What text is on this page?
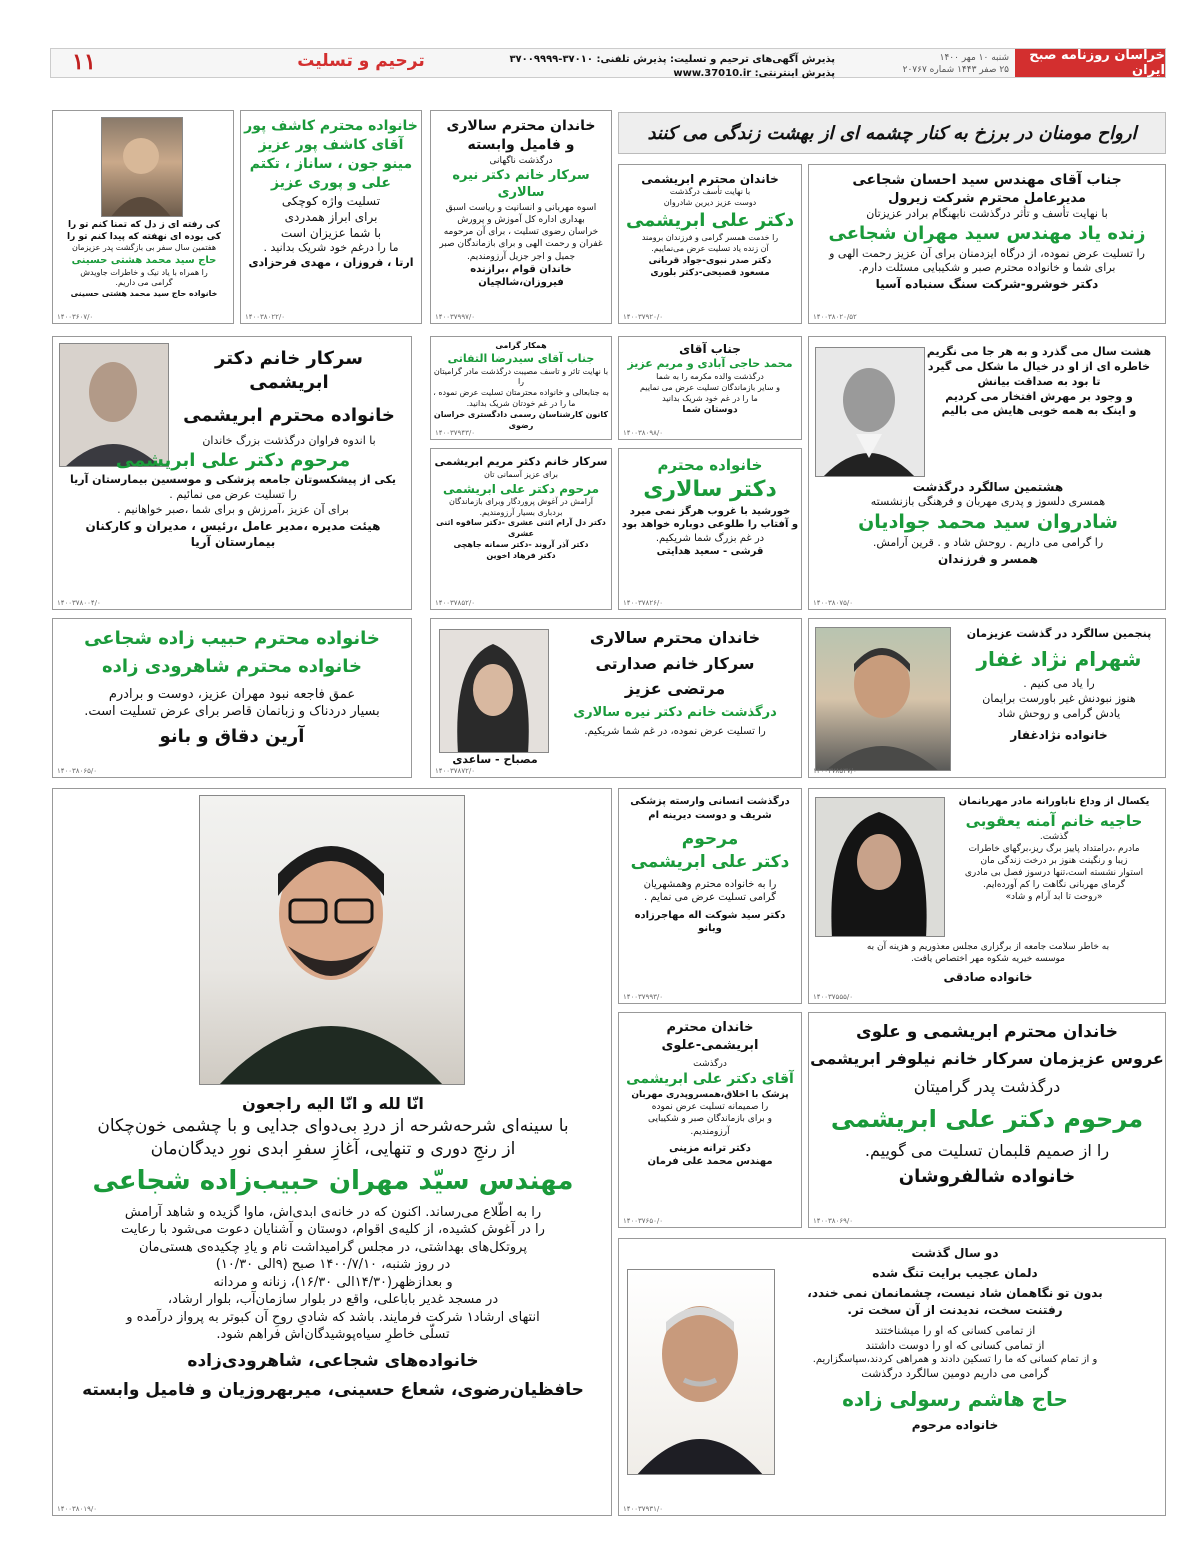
خراسان روزنامه صبح ایران
شنبه ۱۰ مهر ۱۴۰۰
۲۵ صفر ۱۴۴۳ شماره ۲۰۷۶۷
پذیرش آگهی‌های ترحیم و تسلیت: پذیرش تلفنی: ۳۷۰۱۰-۳۷۰۰۹۹۹۹
پذیرش اینترنتی: www.37010.ir
ترحیم و تسلیت
۱۱
ارواح مومنان در برزخ به کنار چشمه ای از بهشت زندگی می کنند
جناب آقای مهندس سید احسان شجاعی
مدیرعامل محترم شرکت زیرول
با نهایت تأسف و تأثر درگذشت نابهنگام برادر عزیزتان
زنده یاد مهندس سید مهران شجاعی
را تسلیت عرض نموده، از درگاه ایزدمنان برای آن عزیز رحمت الهی و
برای شما و خانواده محترم صبر و شکیبایی مسئلت دارم.
دکتر خوشرو-شرکت سنگ سنباده آسیا
۱۴۰۰۳۸۰۲۰/۵۲
خاندان محترم ابریشمی
با نهایت تأسف درگذشت
دوست عزیز دیرین شادروان
دکتر علی ابریشمی
را خدمت همسر گرامی و فرزندان برومند
آن زنده یاد تسلیت عرض می‌نماییم.
دکتر صدر نبوی-جواد قربانی
مسعود قصیحی-دکتر بلوری
۱۴۰۰۳۷۹۲۰/۰
خاندان محترم سالاری
و فامیل وابسته
درگذشت ناگهانی
سرکار خانم دکتر نیره سالاری
اسوه مهربانی و انسانیت و ریاست اسبق
بهداری اداره کل آموزش و پرورش
خراسان رضوی تسلیت ، برای آن مرحومه
غفران و رحمت الهی و برای بازماندگان صبر
جمیل و اجر جزیل آرزومندیم.
خاندان قوام ،برازنده
فیروزان،شالچیان
۱۴۰۰۳۷۹۹۷/۰
خانواده محترم کاشف پور
آقای کاشف پور عزیز
مینو جون ، ساناز ، تکتم
علی و پوری عزیز
تسلیت واژه کوچکی
برای ابراز همدردی
با شما عزیزان است
ما را درغم خود شریک بدانید .
ارتا ، فروزان ، مهدی فرحزادی
۱۴۰۰۳۸۰۲۲/۰
کی رفته ای ز دل که تمنا کنم تو را
کی بوده ای نهفته که پیدا کنم تو را
هفتمین سال سفر بی بازگشت پدر عزیزمان
حاج سید محمد هشتی حسینی
را همراه با یاد نیک و خاطرات جاویدش
گرامی می داریم.
خانواده حاج سید محمد هشتی حسینی
۱۴۰۰۳۶۰۷/۰
هشت سال می گذرد و به هر جا می نگریم
خاطره ای از او در خیال ما شکل می گیرد
تا بود به صداقت بیانش
و وجود بر مهرش افتخار می کردیم
و اینک به همه خوبی هایش می بالیم
هشتمین سالگرد درگذشت
همسری دلسوز و پدری مهربان و فرهنگی بازنشسته
شادروان سید محمد جوادیان
را گرامی می داریم . روحش شاد و . قرین آرامش.
همسر و فرزندان
۱۴۰۰۳۸۰۷۵/۰
جناب آقای
محمد حاجی آبادی و مریم عزیز
درگذشت والده مکرمه را به شما
و سایر بازماندگان تسلیت عرض می نماییم
ما را در غم خود شریک بدانید
دوستان شما
۱۴۰۰۳۸۰۹۸/۰
همکار گرامی
جناب آقای سیدرضا التفاتی
با نهایت تاثر و تاسف مصیبت درگذشت مادر گرامیتان را
به جنابعالی و خانواده محترمتان تسلیت عرض نموده ،
ما را در غم خودتان شریک بدانید.
کانون کارشناسان رسمی دادگستری خراسان رضوی
۱۴۰۰۳۷۹۴۳/۰
سرکار خانم دکتر ابریشمی
خانواده محترم ابریشمی
با اندوه فراوان درگذشت بزرگ خاندان
مرحوم دکتر علی ابریشمی
یکی از پیشکسوتان جامعه پزشکی و موسسین بیمارستان آریا
را تسلیت عرض می نمائیم .
برای آن عزیز ،آمرزش و برای شما ،صبر خواهانیم .
هیئت مدیره ،مدیر عامل ،رئیس ، مدیران و کارکنان
بیمارستان آریا
۱۴۰۰۳۷۸۰۰۴/۰
خانواده محترم
دکتر سالاری
خورشید با غروب هرگز نمی میرد
و آفتاب را طلوعی دوباره خواهد بود
در غم بزرگ شما شریکیم.
قرشی - سعید هدایتی
۱۴۰۰۳۷۸۲۶/۰
سرکار خانم دکتر مریم ابریشمی
برای عزیز آسمانی تان
مرحوم دکتر علی ابریشمی
آرامش در آغوش پروردگار وبرای بازماندگان
بردباری بسیار آرزومندیم.
دکتر دل آرام اثنی عشری -دکتر ساقوه اثنی عشری
دکتر آذر آروند -دکتر سمانه جاهچی
دکتر فرهاد اخوین
۱۴۰۰۳۷۸۵۲/۰
پنجمین سالگرد در گذشت عزیزمان
شهرام نژاد غفار
را یاد می کنیم .
هنوز نبودنش غیر باورست برایمان
یادش گرامی و روحش شاد
خانواده نژادغفار
۱۴۰۰۳۷۸۵۳۷/۰
مصباح - ساعدی
خاندان محترم سالاری
سرکار خانم صدارتی
مرتضی عزیز
درگذشت خانم دکتر نیره سالاری
را تسلیت عرض نموده، در غم شما شریکیم.
۱۴۰۰۳۷۸۷۲/۰
خانواده محترم حبیب زاده شجاعی
خانواده محترم شاهرودی زاده
عمق فاجعه نبود مهران عزیز، دوست و برادرم
بسیار دردناک و زبانمان قاصر برای عرض تسلیت است.
آرین دقاق و بانو
۱۴۰۰۳۸۰۶۵/۰
یکسال از وداع ناباورانه مادر مهربانمان
حاجیه خانم آمنه یعقوبی
گذشت.
مادرم ،درامتداد پاییز برگ ریز،برگهای خاطرات
زیبا و رنگینت هنوز بر درخت زندگی مان
استوار نشسته است،تنها درسوز فصل بی مادری
گرمای مهربانی نگاهت را کم آورده‌ایم.
«روحت تا ابد آرام و شاد»
به خاطر سلامت جامعه از برگزاری مجلس معذوریم و هزینه آن به
موسسه خیریه شکوه مهر اختصاص یافت.
خانواده صادقی
۱۴۰۰۳۷۵۵۵/۰
درگذشت انسانی وارسته پزشکی
شریف و دوست دیرینه ام
مرحوم
دکتر علی ابریشمی
را به خانواده محترم وهمشهریان
گرامی تسلیت عرض می نمایم .
دکتر سید شوکت اله مهاجرزاده
وبانو
۱۴۰۰۳۷۹۹۳/۰
انّا لله و انّا الیه راجعون
با سینه‌ای شرحه‌شرحه از دردِ بی‌دوای جدایی و با چشمی خون‌چکان
از رنجِ دوری و تنهایی، آغازِ سفرِ ابدی نورِ دیدگان‌مان
مهندس سیّد مهران حبیب‌زاده شجاعی
را به اطّلاع می‌رساند. اکنون که در خانه‌ی ابدی‌اش، ماوا گزیده و شاهد آرامش
را در آغوش کشیده، از کلیه‌ی اقوام، دوستان و آشنایان دعوت می‌شود با رعایت
پروتکل‌های بهداشتی، در مجلس گرامیداشت نام و یادِ چکیده‌ی هستی‌مان
در روز شنبه، ۱۴۰۰/۷/۱۰ صبح (۹الی ۱۰/۳۰)
و بعدازظهر(۱۴/۳۰الی ۱۶/۳۰)، زنانه و مردانه
در مسجد غدیر بابا‌علی، واقع در بلوار سازمان‌آب، بلوار ارشاد،
انتهای ارشاد۱ شرکت فرمایند. باشد که شادیِ روحِ آن کبوتر به پرواز درآمده و
تسلّی خاطرِ سیاه‌پوشیدگان‌اش فراهم شود.
خانواده‌های شجاعی، شاهرودی‌زاده
حافظیان‌رضوی، شعاع حسینی، میربهروزیان و فامیل وابسته
۱۴۰۰۳۸۰۱۹/۰
خاندان محترم
ابریشمی-علوی
درگذشت
آقای دکتر علی ابریشمی
پزشک با اخلاق،همسروپدری مهربان
را صمیمانه تسلیت عرض نموده
و برای بازماندگان صبر و شکیبایی
آرزومندیم.
دکتر ترانه مزینی
مهندس محمد علی فرمان
۱۴۰۰۳۷۶۵۰/۰
خاندان محترم ابریشمی و علوی
عروس عزیزمان سرکار خانم نیلوفر ابریشمی
درگذشت پدر گرامیتان
مرحوم دکتر علی ابریشمی
را از صمیم قلبمان تسلیت می گوییم.
خانواده شالفروشان
۱۴۰۰۳۸۰۶۹/۰
دو سال گذشت
دلمان عجیب برایت تنگ شده
بدون تو نگاهمان شاد نیست، چشمانمان نمی خندد،
رفتنت سخت، ندیدنت از آن سخت تر.
از تمامی کسانی که او را میشناختند
از تمامی کسانی که او را دوست داشتند
و از تمام کسانی که ما را تسکین دادند و همراهی کردند،سپاسگزاریم.
گرامی می داریم دومین سالگرد درگذشت
حاج هاشم رسولی زاده
خانواده مرحوم
۱۴۰۰۳۷۹۳۱/۰
